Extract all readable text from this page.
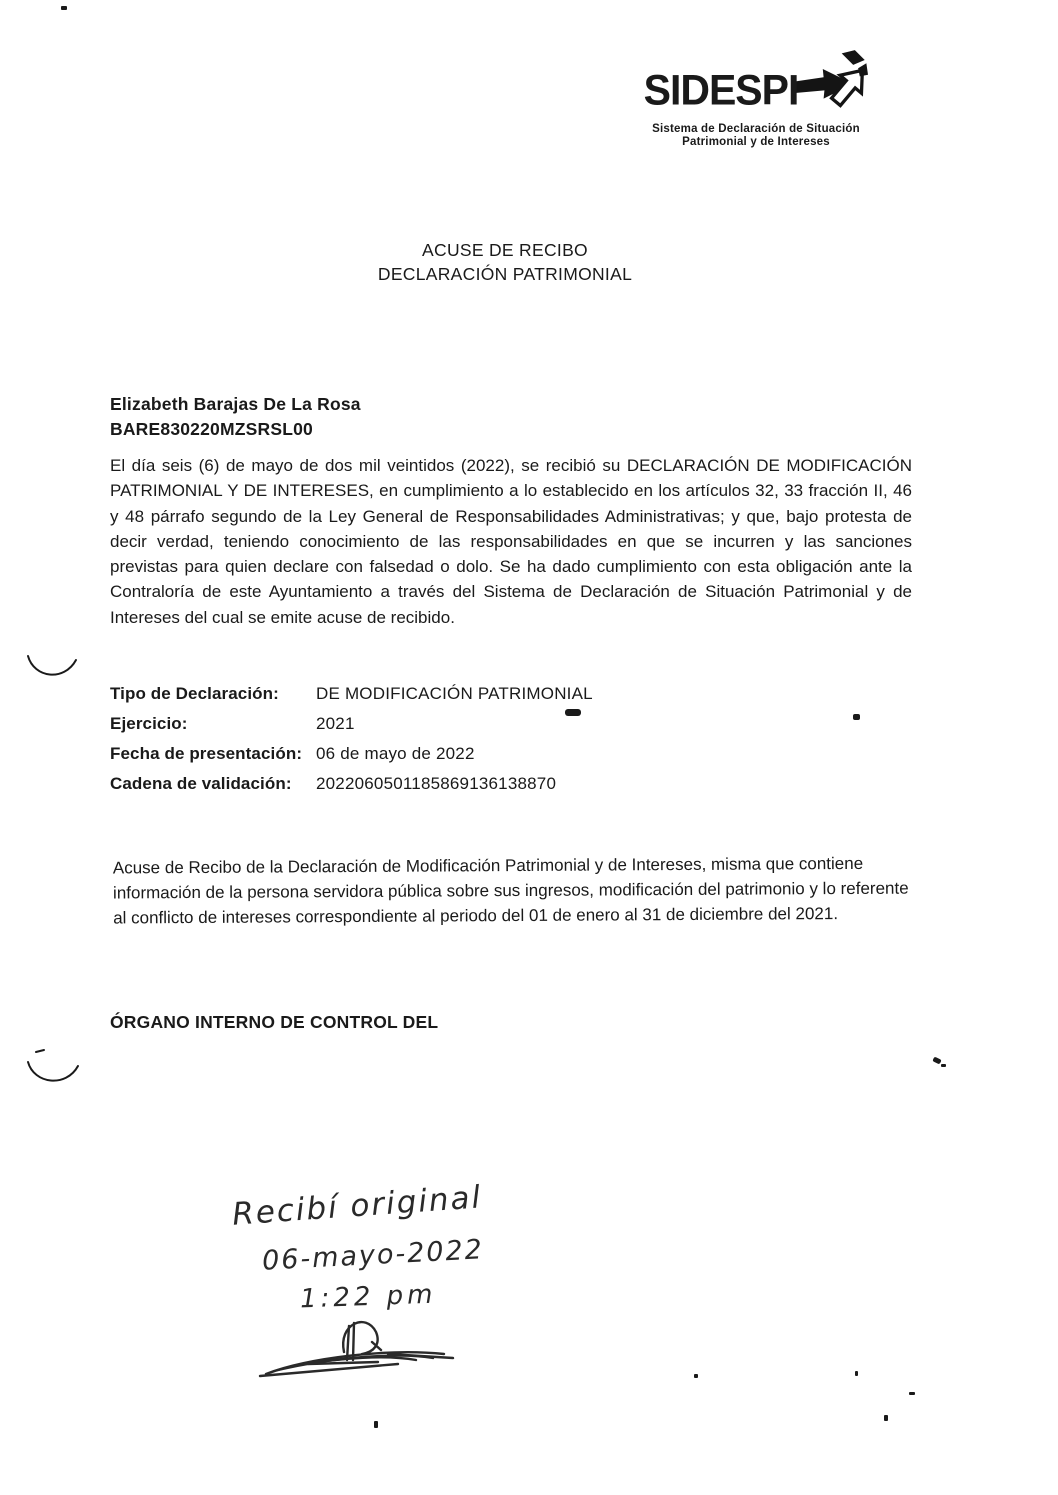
SIDESPI
Sistema de Declaración de Situación
Patrimonial y de Intereses
ACUSE DE RECIBO
DECLARACIÓN PATRIMONIAL
Elizabeth Barajas De La Rosa
BARE830220MZSRSL00
El día seis (6) de mayo de dos mil veintidos (2022), se recibió su DECLARACIÓN DE MODIFICACIÓN PATRIMONIAL Y DE INTERESES, en cumplimiento a lo establecido en los artículos 32, 33 fracción II, 46 y 48 párrafo segundo de la Ley General de Responsabilidades Administrativas; y que, bajo protesta de decir verdad, teniendo conocimiento de las responsabilidades en que se incurren y las sanciones previstas para quien declare con falsedad o dolo. Se ha dado cumplimiento con esta obligación ante la Contraloría de este Ayuntamiento a través del Sistema de Declaración de Situación Patrimonial y de Intereses del cual se emite acuse de recibido.
Tipo de Declaración:	DE MODIFICACIÓN PATRIMONIAL
Ejercicio:	2021
Fecha de presentación: 06 de mayo de 2022
Cadena de validación:	2022060501185869136138870
Acuse de Recibo de la Declaración de Modificación Patrimonial y de Intereses, misma que contiene información de la persona servidora pública sobre sus ingresos, modificación del patrimonio y lo referente al conflicto de intereses correspondiente al periodo del 01 de enero al 31 de diciembre del 2021.
ÓRGANO INTERNO DE CONTROL DEL
Recibí original
06-mayo-2022
1:22 pm
